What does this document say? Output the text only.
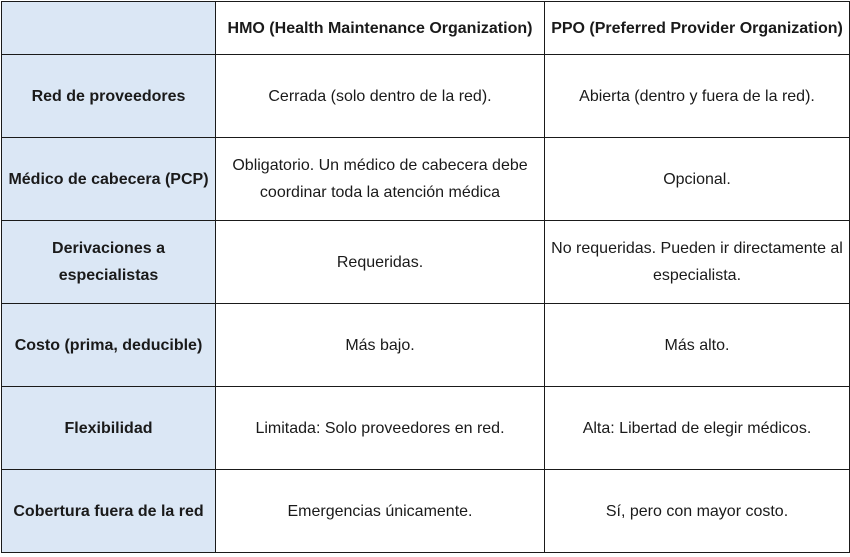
	HMO (Health Maintenance Organization)	PPO (Preferred Provider Organization)
Red de proveedores	Cerrada (solo dentro de la red).	Abierta (dentro y fuera de la red).
Médico de cabecera (PCP)	Obligatorio. Un médico de cabecera debe coordinar toda la atención médica	Opcional.
Derivaciones a especialistas	Requeridas.	No requeridas. Pueden ir directamente al especialista.
Costo (prima, deducible)	Más bajo.	Más alto.
Flexibilidad	Limitada: Solo proveedores en red.	Alta: Libertad de elegir médicos.
Cobertura fuera de la red	Emergencias únicamente.	Sí, pero con mayor costo.
